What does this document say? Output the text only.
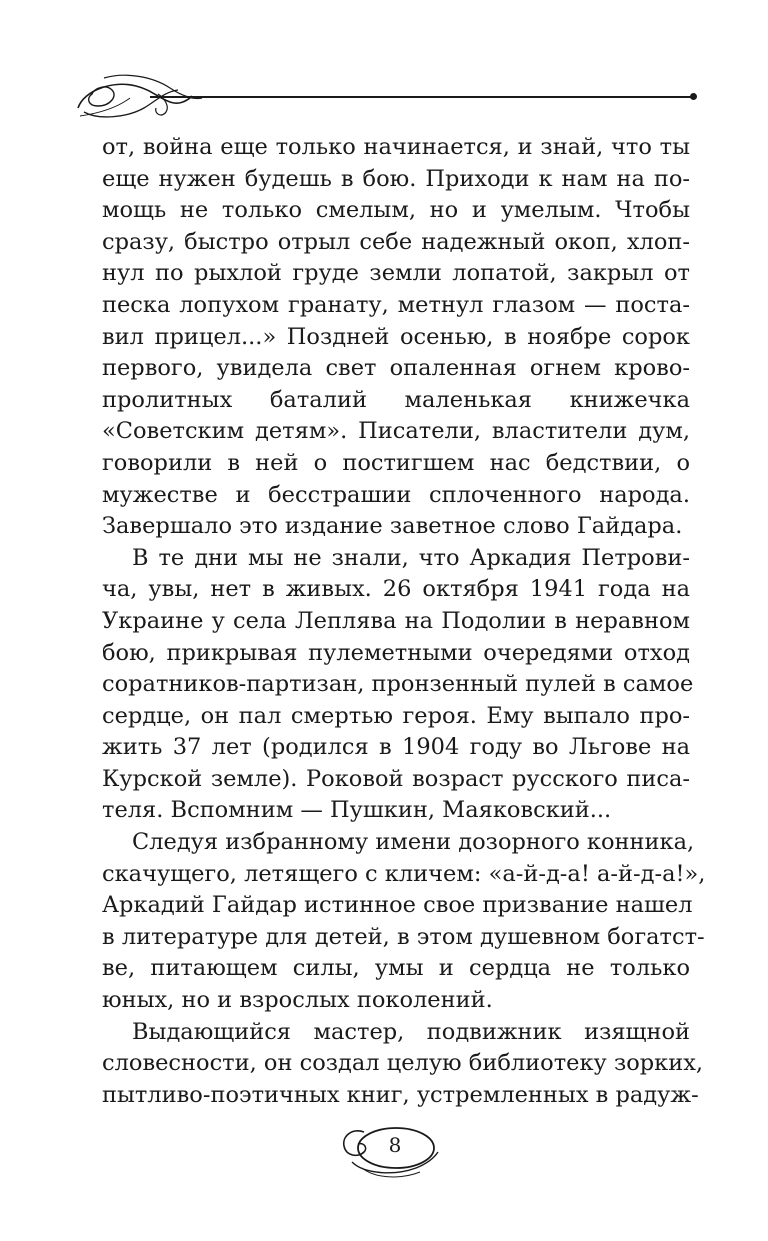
от, война еще только начинается, и знай, что ты
еще нужен будешь в бою. Приходи к нам на по-
мощь не только смелым, но и умелым. Чтобы
сразу, быстро отрыл себе надежный окоп, хлоп-
нул по рыхлой груде земли лопатой, закрыл от
песка лопухом гранату, метнул глазом — поста-
вил прицел...» Поздней осенью, в ноябре сорок
первого, увидела свет опаленная огнем крово-
пролитных баталий маленькая книжечка
«Советским детям». Писатели, властители дум,
говорили в ней о постигшем нас бедствии, о
мужестве и бесстрашии сплоченного народа.
Завершало это издание заветное слово Гайдара.
В те дни мы не знали, что Аркадия Петрови-
ча, увы, нет в живых. 26 октября 1941 года на
Украине у села Леплява на Подолии в неравном
бою, прикрывая пулеметными очередями отход
соратников-партизан, пронзенный пулей в самое
сердце, он пал смертью героя. Ему выпало про-
жить 37 лет (родился в 1904 году во Льгове на
Курской земле). Роковой возраст русского писа-
теля. Вспомним — Пушкин, Маяковский...
Следуя избранному имени дозорного конника,
скачущего, летящего с кличем: «а-й-д-а! а-й-д-а!»,
Аркадий Гайдар истинное свое призвание нашел
в литературе для детей, в этом душевном богатст-
ве, питающем силы, умы и сердца не только
юных, но и взрослых поколений.
Выдающийся мастер, подвижник изящной
словесности, он создал целую библиотеку зорких,
пытливо-поэтичных книг, устремленных в радуж-
8
